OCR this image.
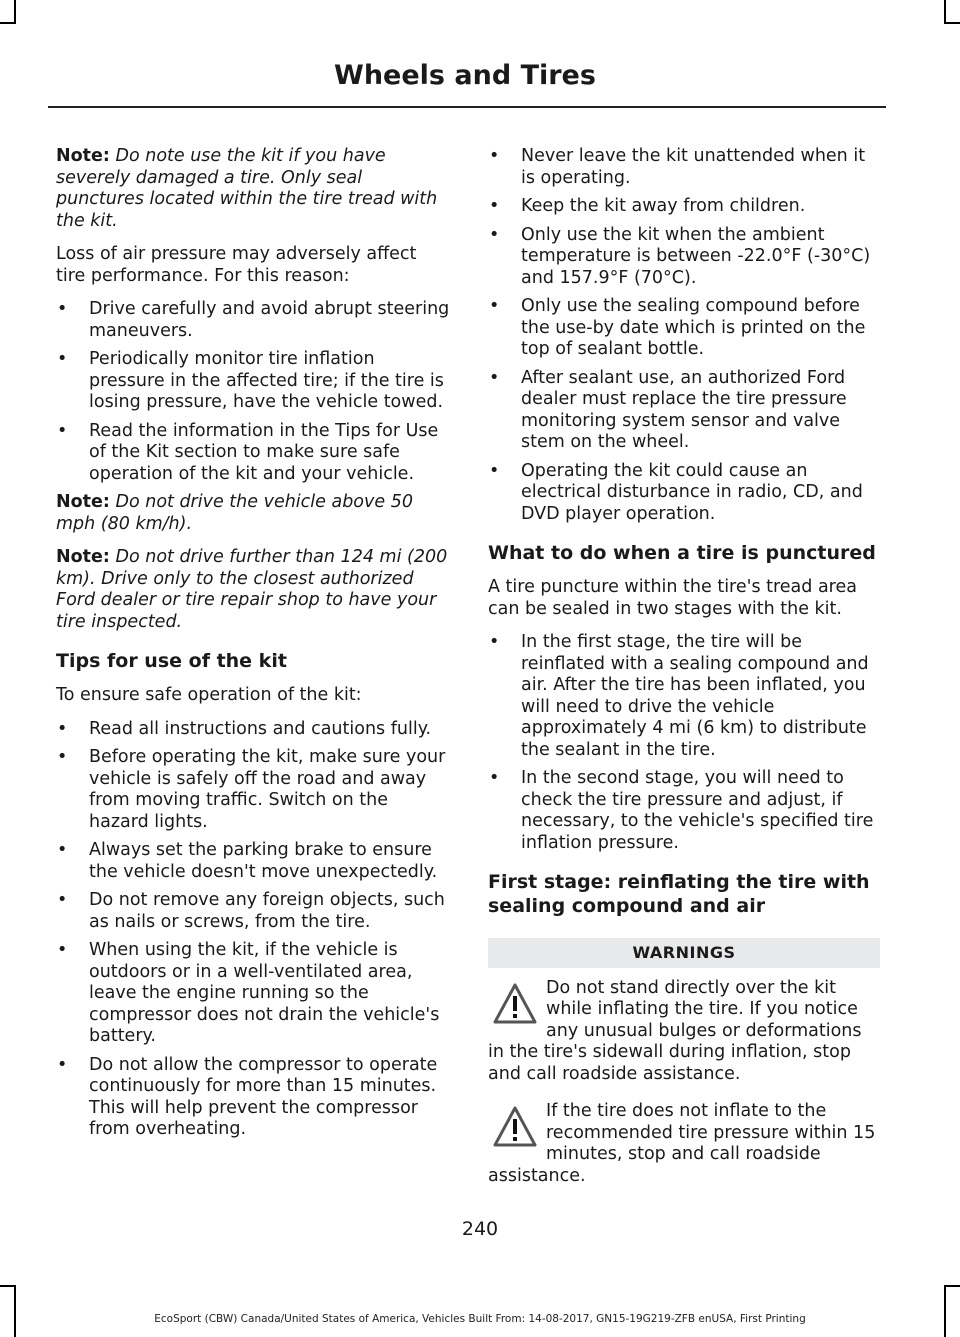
Wheels and Tires

Note: Do note use the kit if you have severely damaged a tire. Only seal punctures located within the tire tread with the kit.

Loss of air pressure may adversely affect tire performance. For this reason:

• Drive carefully and avoid abrupt steering maneuvers.
• Periodically monitor tire inflation pressure in the affected tire; if the tire is losing pressure, have the vehicle towed.
• Read the information in the Tips for Use of the Kit section to make sure safe operation of the kit and your vehicle.

Note: Do not drive the vehicle above 50 mph (80 km/h).

Note: Do not drive further than 124 mi (200 km). Drive only to the closest authorized Ford dealer or tire repair shop to have your tire inspected.

Tips for use of the kit

To ensure safe operation of the kit:

• Read all instructions and cautions fully.
• Before operating the kit, make sure your vehicle is safely off the road and away from moving traffic. Switch on the hazard lights.
• Always set the parking brake to ensure the vehicle doesn't move unexpectedly.
• Do not remove any foreign objects, such as nails or screws, from the tire.
• When using the kit, if the vehicle is outdoors or in a well-ventilated area, leave the engine running so the compressor does not drain the vehicle's battery.
• Do not allow the compressor to operate continuously for more than 15 minutes. This will help prevent the compressor from overheating.
• Never leave the kit unattended when it is operating.
• Keep the kit away from children.
• Only use the kit when the ambient temperature is between -22.0°F (-30°C) and 157.9°F (70°C).
• Only use the sealing compound before the use-by date which is printed on the top of sealant bottle.
• After sealant use, an authorized Ford dealer must replace the tire pressure monitoring system sensor and valve stem on the wheel.
• Operating the kit could cause an electrical disturbance in radio, CD, and DVD player operation.
What to do when a tire is punctured

A tire puncture within the tire's tread area can be sealed in two stages with the kit.

• In the first stage, the tire will be reinflated with a sealing compound and air. After the tire has been inflated, you will need to drive the vehicle approximately 4 mi (6 km) to distribute the sealant in the tire.
• In the second stage, you will need to check the tire pressure and adjust, if necessary, to the vehicle's specified tire inflation pressure.
First stage: reinflating the tire with sealing compound and air
WARNINGS
Do not stand directly over the kit while inflating the tire. If you notice any unusual bulges or deformations in the tire's sidewall during inflation, stop and call roadside assistance.
If the tire does not inflate to the recommended tire pressure within 15 minutes, stop and call roadside assistance.
240
EcoSport (CBW) Canada/United States of America, Vehicles Built From: 14-08-2017, GN15-19G219-ZFB enUSA, First Printing
